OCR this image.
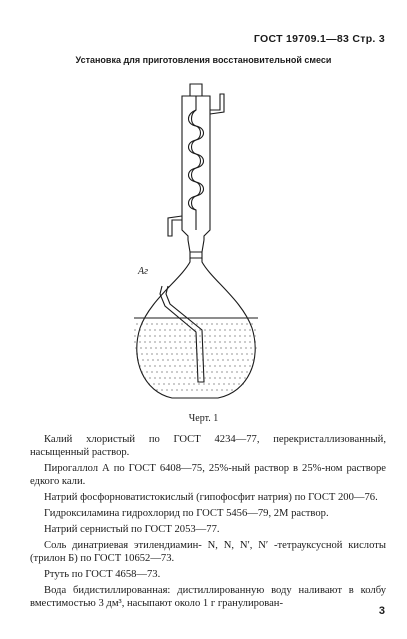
ГОСТ 19709.1—83 Стр. 3
Установка для приготовления восстановительной смеси
Аг
Черт. 1

Калий хлористый по ГОСТ 4234—77, перекристаллизованный, насыщенный раствор.

Пирогаллол А по ГОСТ 6408—75, 25%-ный раствор в 25%-ном растворе едкого кали.

Натрий фосфорноватистокислый (гипофосфит натрия) по ГОСТ 200—76.

Гидроксиламина гидрохлорид по ГОСТ 5456—79, 2М раствор.

Натрий сернистый по ГОСТ 2053—77.

Соль динатриевая этилендиамин- N, N, N′, N′ -тетрауксусной кислоты (трилон Б) по ГОСТ 10652—73.

Ртуть по ГОСТ 4658—73.

Вода бидистиллированная: дистиллированную воду наливают в колбу вместимостью 3 дм³, насыпают около 1 г гранулирован-

3
